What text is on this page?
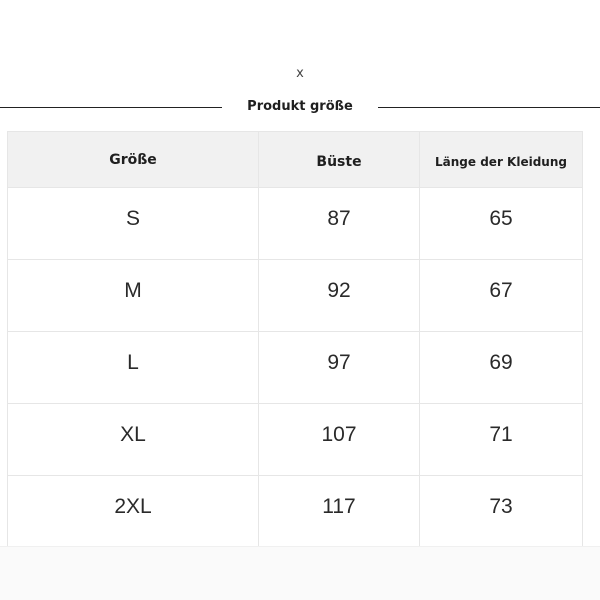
x
Produkt größe
Größe	Büste	Länge der Kleidung
S	87	65
M	92	67
L	97	69
XL	107	71
2XL	117	73
